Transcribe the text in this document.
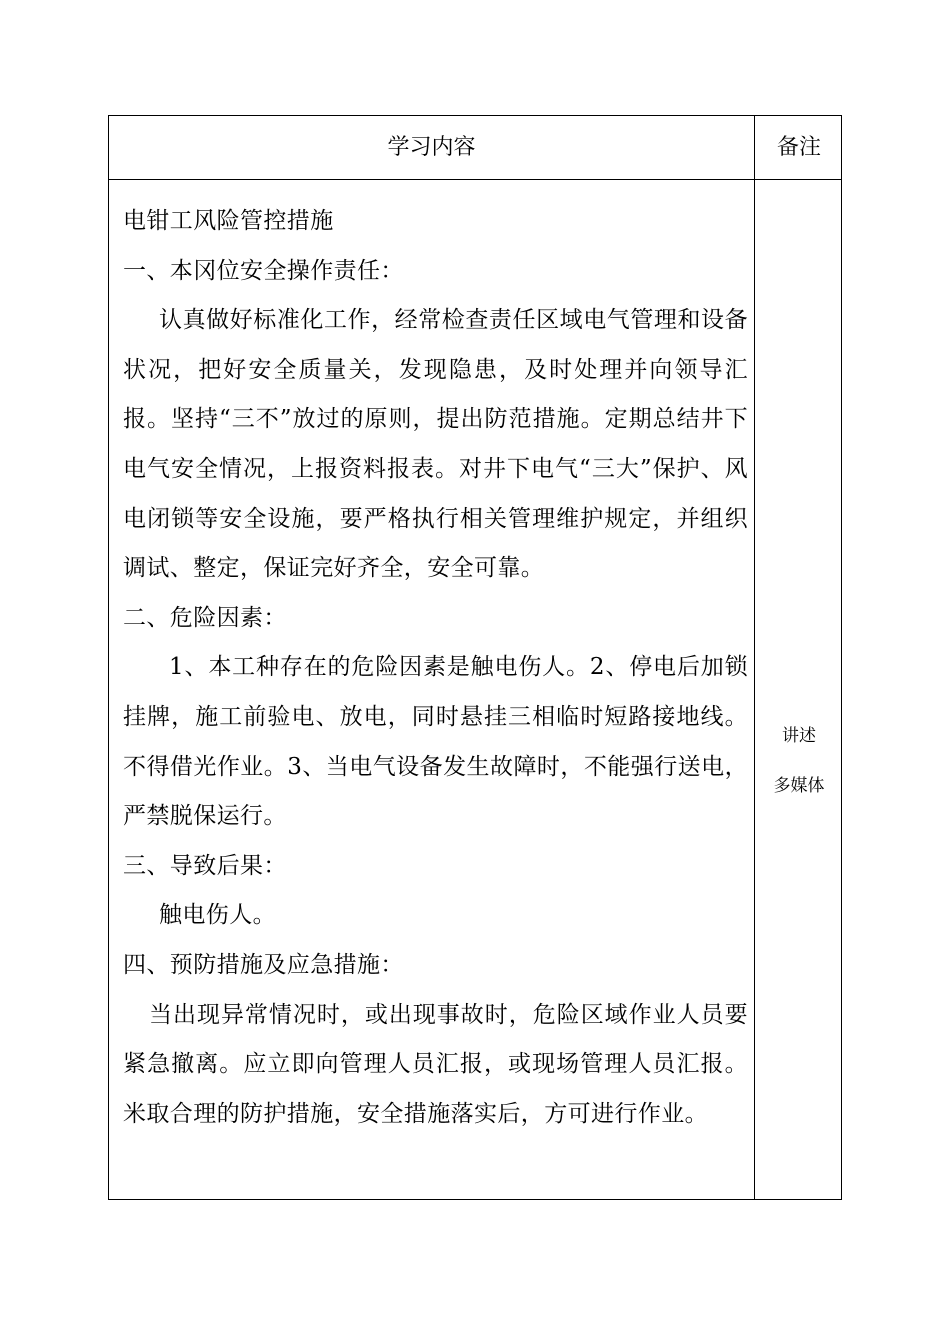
学习内容	备注
电钳工风险管控措施
一、本冈位安全操作责任：
认真做好标准化工作，经常检查责任区域电气管理和设备状况，把好安全质量关，发现隐患，及时处理并向领导汇报。坚持“三不”放过的原则，提出防范措施。定期总结井下电气安全情况，上报资料报表。对井下电气“三大”保护、风电闭锁等安全设施，要严格执行相关管理维护规定，并组织调试、整定，保证完好齐全，安全可靠。
二、危险因素：
1、本工种存在的危险因素是触电伤人。2、停电后加锁挂牌，施工前验电、放电，同时悬挂三相临时短路接地线。不得借光作业。3、当电气设备发生故障时，不能强行送电，严禁脱保运行。
三、导致后果：
触电伤人。
四、预防措施及应急措施：
当出现异常情况时，或出现事故时，危险区域作业人员要紧急撤离。应立即向管理人员汇报，或现场管理人员汇报。米取合理的防护措施，安全措施落实后，方可进行作业。
讲述
多媒体
